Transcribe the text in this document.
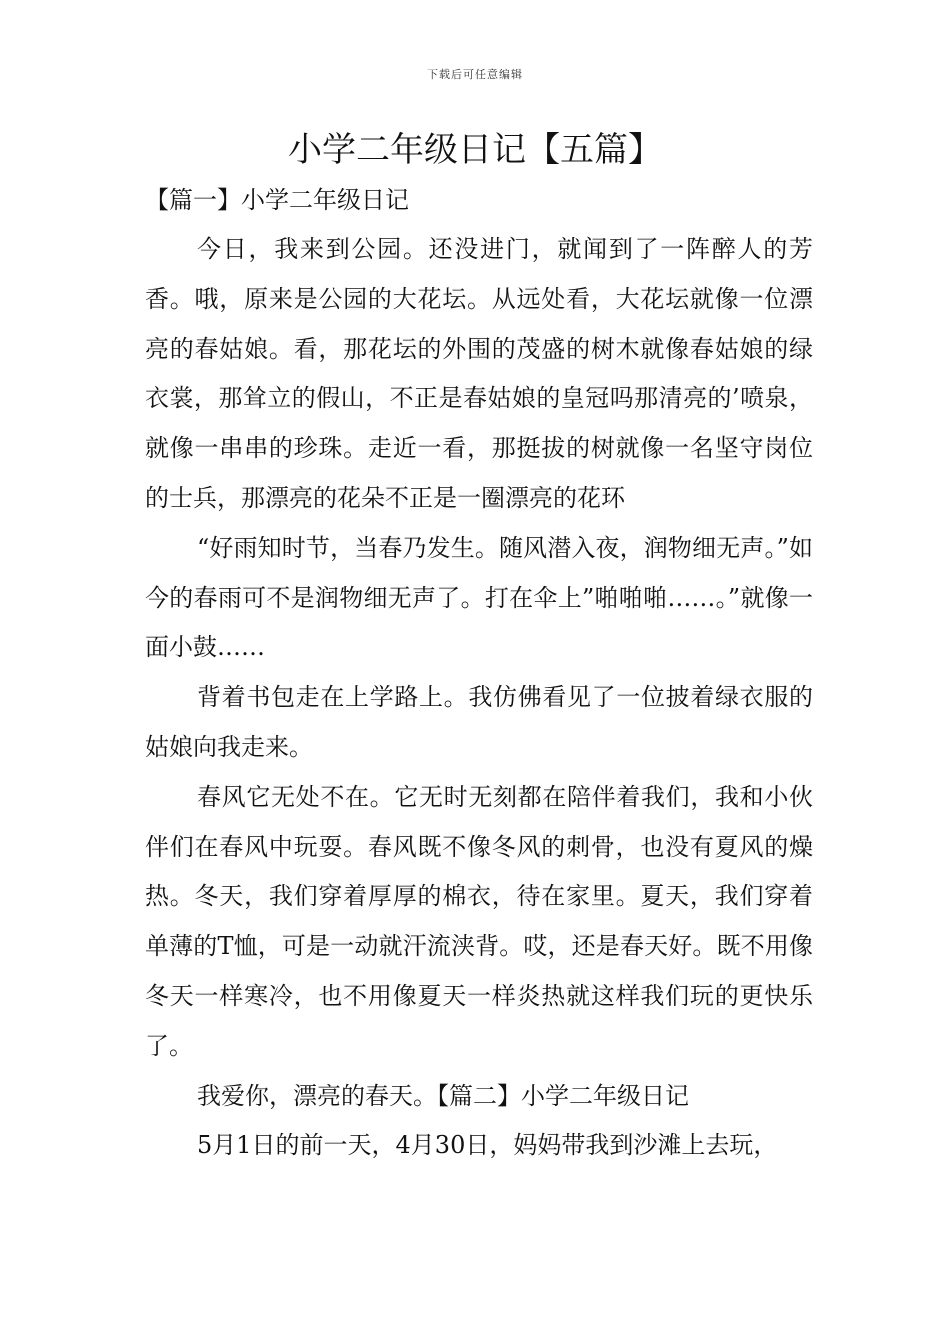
下载后可任意编辑
小学二年级日记【五篇】

【篇一】小学二年级日记

今日，我来到公园。还没进门，就闻到了一阵醉人的芳香。哦，原来是公园的大花坛。从远处看，大花坛就像一位漂亮的春姑娘。看，那花坛的外围的茂盛的树木就像春姑娘的绿衣裳，那耸立的假山，不正是春姑娘的皇冠吗那清亮的’喷泉，就像一串串的珍珠。走近一看，那挺拔的树就像一名坚守岗位的士兵，那漂亮的花朵不正是一圈漂亮的花环

“好雨知时节，当春乃发生。随风潜入夜，润物细无声。”如今的春雨可不是润物细无声了。打在伞上”啪啪啪……。”就像一面小鼓……

背着书包走在上学路上。我仿佛看见了一位披着绿衣服的姑娘向我走来。

春风它无处不在。它无时无刻都在陪伴着我们，我和小伙伴们在春风中玩耍。春风既不像冬风的刺骨，也没有夏风的燥热。冬天，我们穿着厚厚的棉衣，待在家里。夏天，我们穿着单薄的T恤，可是一动就汗流浃背。哎，还是春天好。既不用像冬天一样寒冷，也不用像夏天一样炎热就这样我们玩的更快乐了。

我爱你，漂亮的春天。【篇二】小学二年级日记

5月1日的前一天，4月30日，妈妈带我到沙滩上去玩，
